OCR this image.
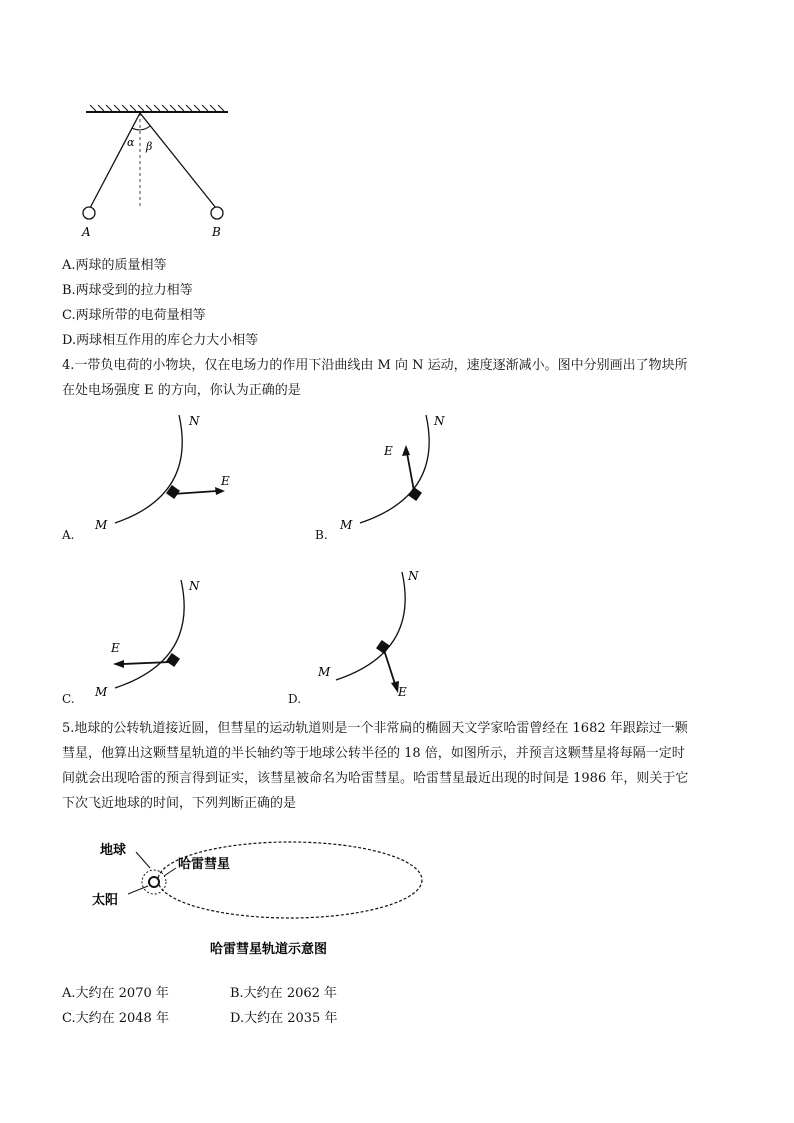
α β
A	B
A.两球的质量相等
B.两球受到的拉力相等
C.两球所带的电荷量相等
D.两球相互作用的库仑力大小相等
4.一带负电荷的小物块，仅在电场力的作用下沿曲线由 M 向 N 运动，速度逐渐减小。图中分别画出了物块所
在处电场强度 E 的方向，你认为正确的是
A.
N
M
E
B.
N
M
E
C.
N
M
E
D.
N
M
E
5.地球的公转轨道接近圆，但彗星的运动轨道则是一个非常扁的椭圆天文学家哈雷曾经在 1682 年跟踪过一颗
彗星，他算出这颗彗星轨道的半长轴约等于地球公转半径的 18 倍，如图所示，并预言这颗彗星将每隔一定时
间就会出现哈雷的预言得到证实，该彗星被命名为哈雷彗星。哈雷彗星最近出现的时间是 1986 年，则关于它
下次飞近地球的时间，下列判断正确的是
地球
哈雷彗星
太阳
哈雷彗星轨道示意图
A.大约在 2070 年	B.大约在 2062 年
C.大约在 2048 年	D.大约在 2035 年
